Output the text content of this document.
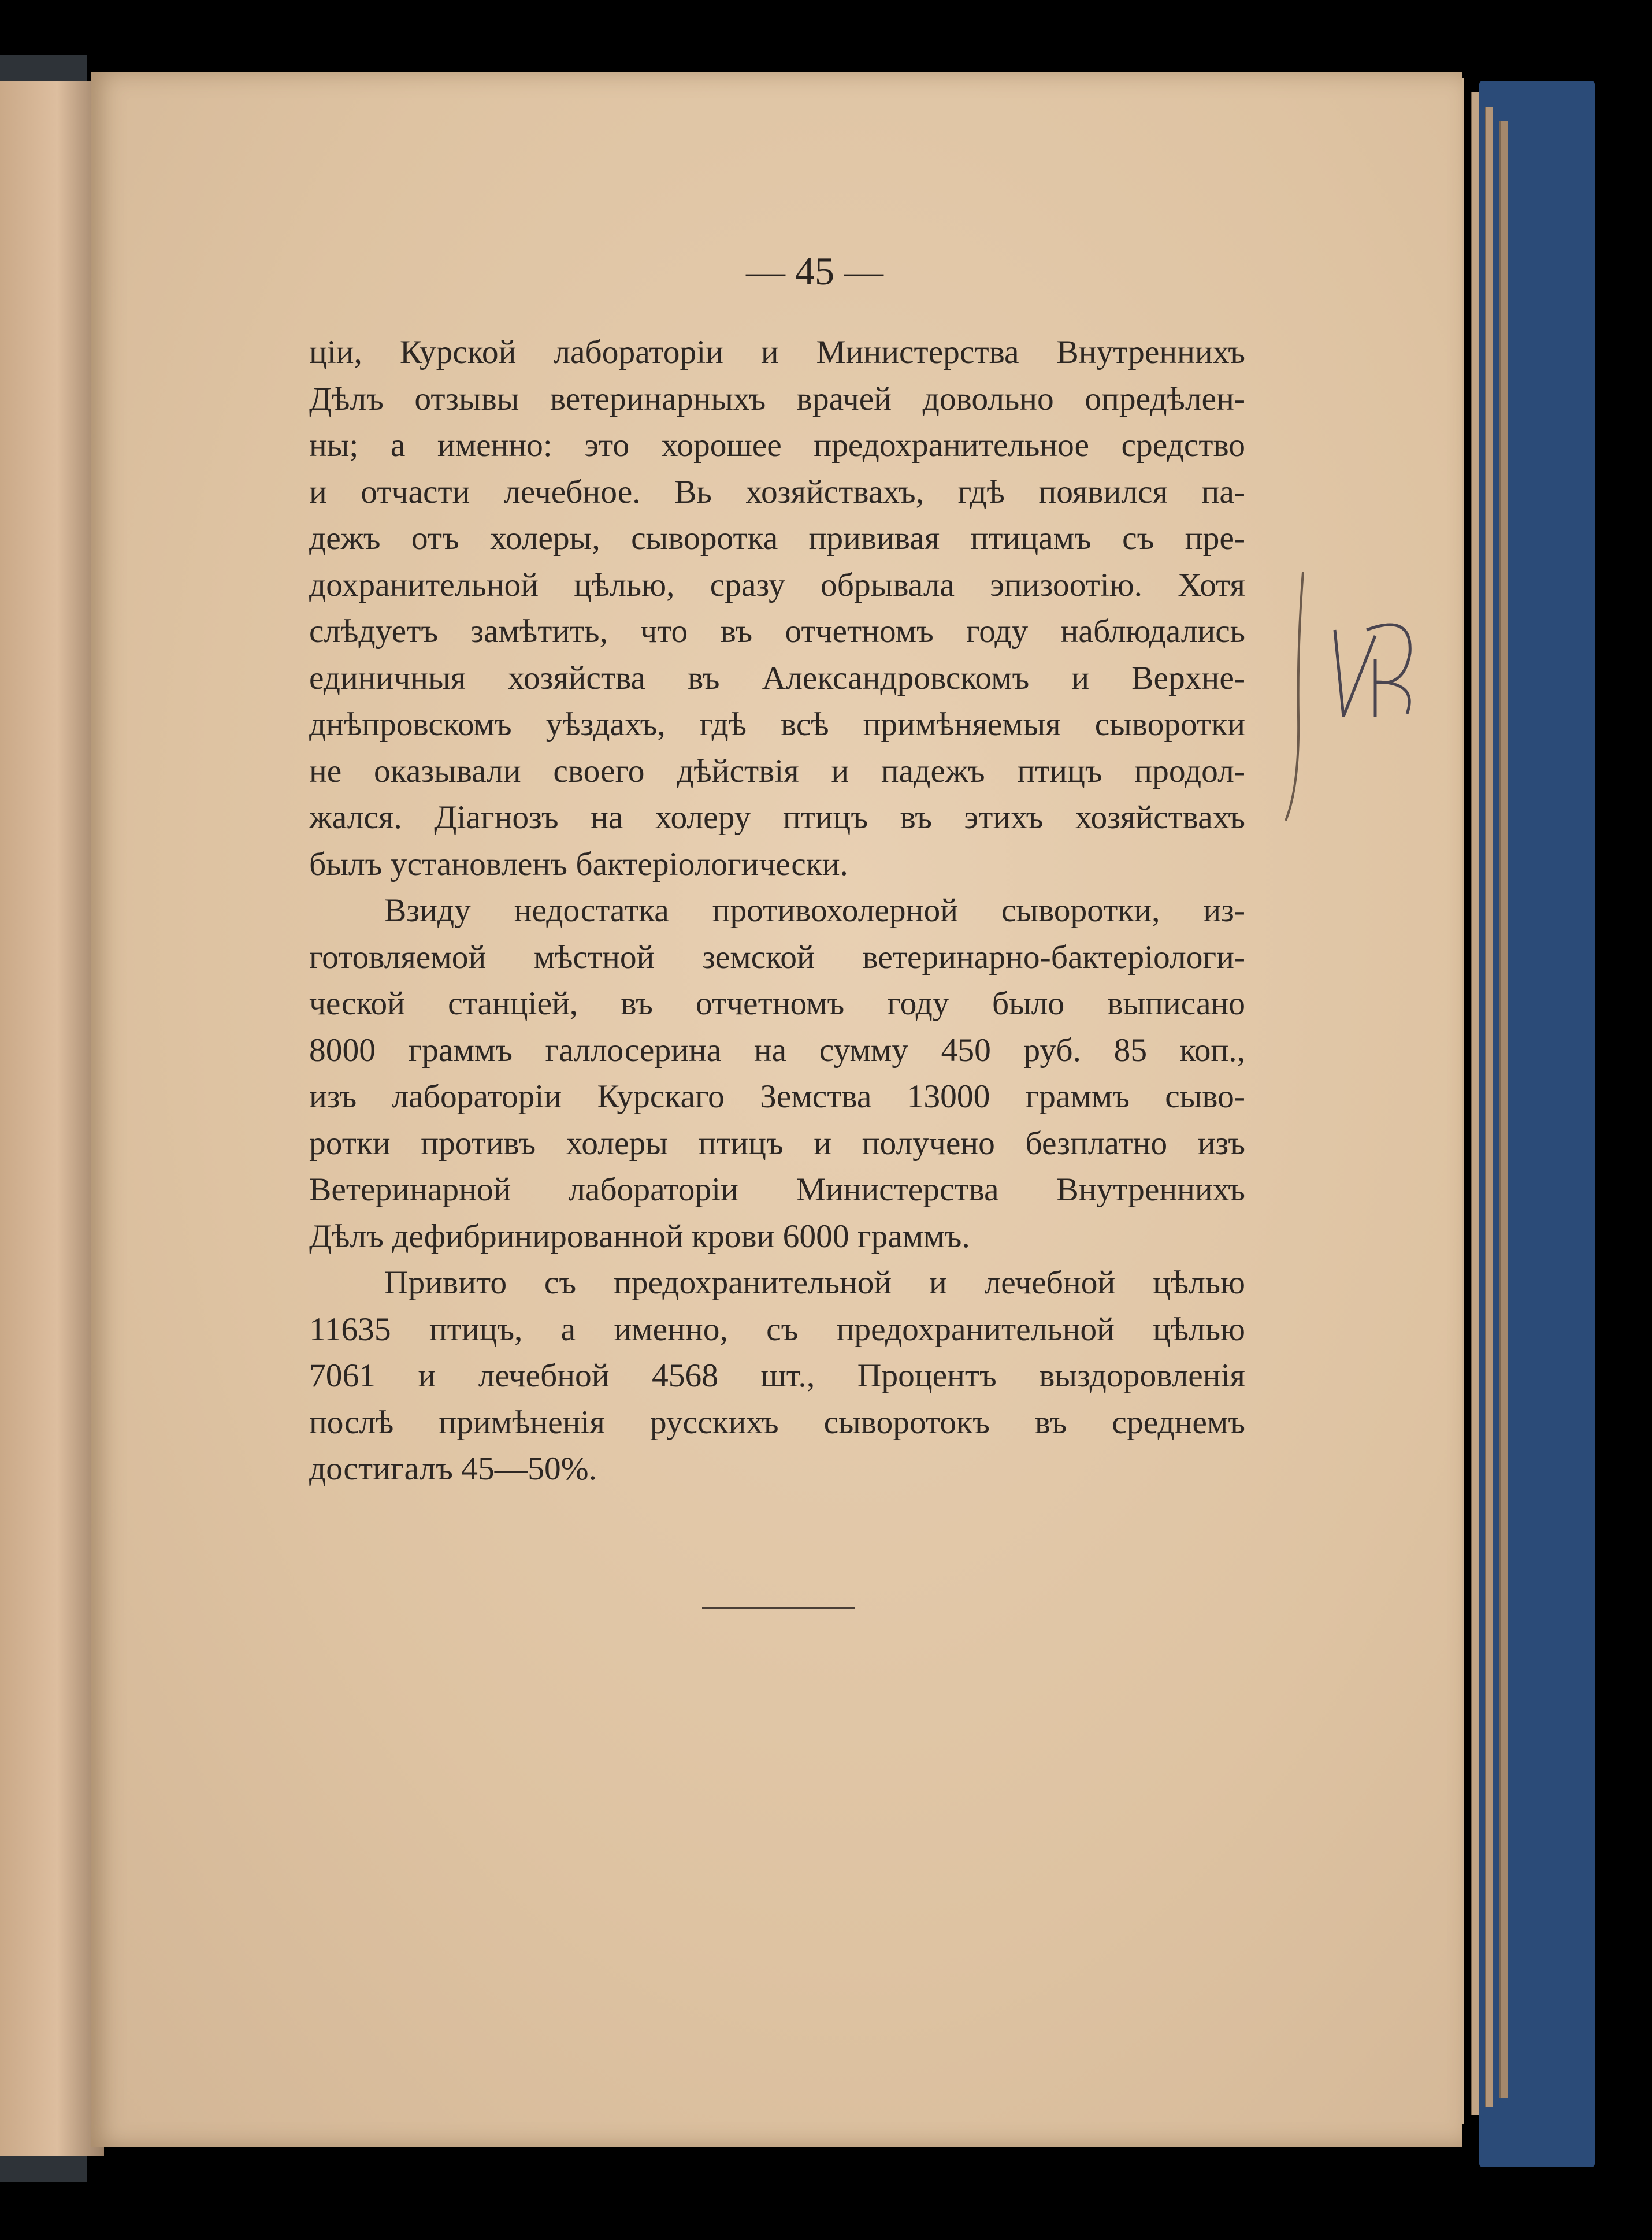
— 45 —
ціи, Курской лабораторіи и Министерства Внутреннихъ
Дѣлъ отзывы ветеринарныхъ врачей довольно опредѣлен-
ны; а именно: это хорошее предохранительное средство
и отчасти лечебное. Вь хозяйствахъ, гдѣ появился па-
дежъ отъ холеры, сыворотка прививая птицамъ съ пре-
дохранительной цѣлью, сразу обрывала эпизоотію. Хотя
слѣдуетъ замѣтить, что въ отчетномъ году наблюдались
единичныя хозяйства въ Александровскомъ и Верхне-
днѣпровскомъ уѣздахъ, гдѣ всѣ примѣняемыя сыворотки
не оказывали своего дѣйствія и падежъ птицъ продол-
жался. Діагнозъ на холеру птицъ въ этихъ хозяйствахъ
былъ установленъ бактеріологически.
Взиду недостатка противохолерной сыворотки, из-
готовляемой мѣстной земской ветеринарно-бактеріологи-
ческой станціей, въ отчетномъ году было выписано
8000 граммъ галлосерина на сумму 450 руб. 85 коп.,
изъ лабораторіи Курскаго Земства 13000 граммъ сыво-
ротки противъ холеры птицъ и получено безплатно изъ
Ветеринарной лабораторіи Министерства Внутреннихъ
Дѣлъ дефибринированной крови 6000 граммъ.
Привито съ предохранительной и лечебной цѣлью
11635 птицъ, а именно, съ предохранительной цѣлью
7061 и лечебной 4568 шт., Процентъ выздоровленія
послѣ примѣненія русскихъ сыворотокъ въ среднемъ
достигалъ 45—50%.
